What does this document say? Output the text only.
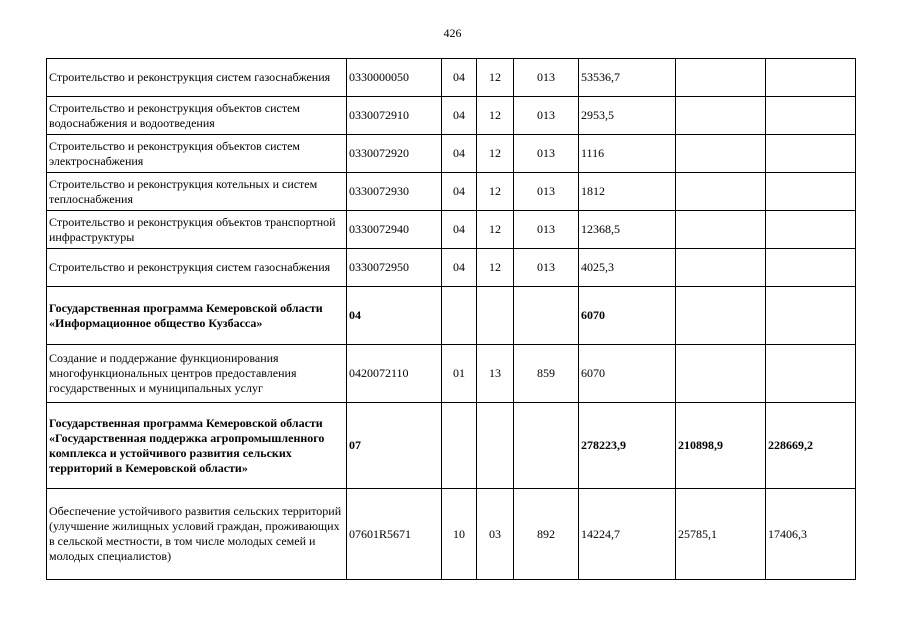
426
Строительство и реконструкция систем газоснабжения	0330000050	04	12	013	53536,7		
Строительство и реконструкция объектов систем водоснабжения и водоотведения	0330072910	04	12	013	2953,5		
Строительство и реконструкция объектов систем электроснабжения	0330072920	04	12	013	1116		
Строительство и реконструкция котельных и систем теплоснабжения	0330072930	04	12	013	1812		
Строительство и реконструкция объектов транспортной инфраструктуры	0330072940	04	12	013	12368,5		
Строительство и реконструкция систем газоснабжения	0330072950	04	12	013	4025,3		
Государственная программа Кемеровской области «Информационное общество Кузбасса»	04				6070		
Создание и поддержание функционирования многофункциональных центров предоставления государственных и муниципальных услуг	0420072110	01	13	859	6070		
Государственная программа Кемеровской области «Государственная поддержка агропромышленного комплекса и устойчивого развития сельских территорий в Кемеровской области»	07				278223,9	210898,9	228669,2
Обеспечение устойчивого развития сельских территорий (улучшение жилищных условий граждан, проживающих в сельской местности, в том числе молодых семей и молодых специалистов)	07601R5671	10	03	892	14224,7	25785,1	17406,3
